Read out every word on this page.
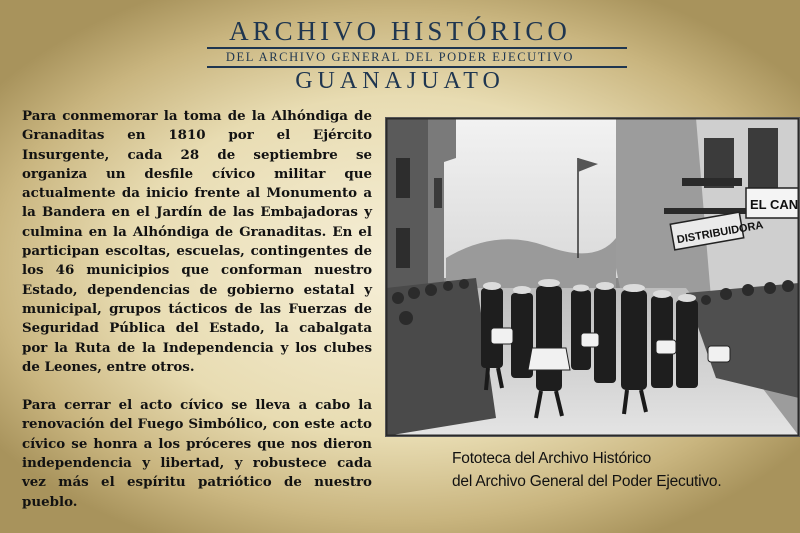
ARCHIVO HISTÓRICO
DEL ARCHIVO GENERAL DEL PODER EJECUTIVO
GUANAJUATO

Para conmemorar la toma de la Alhóndiga de Granaditas en 1810 por el Ejército Insurgente, cada 28 de septiembre se organiza un desfile cívico militar que actualmente da inicio frente al Monumento a la Bandera en el Jardín de las Embajadoras y culmina en la Alhóndiga de Granaditas. En el participan escoltas, escuelas, contingentes de los 46 municipios que conforman nuestro Estado, dependencias de gobierno estatal y municipal, grupos tácticos de las Fuerzas de Seguridad Pública del Estado, la cabalgata por la Ruta de la Independencia y los clubes de Leones, entre otros.

Para cerrar el acto cívico se lleva a cabo la renovación del Fuego Simbólico, con este acto cívico se honra a los próceres que nos dieron independencia y libertad, y robustece cada vez más el espíritu patriótico de nuestro pueblo.

DISTRIBUIDORA
EL CAN
Fototeca del Archivo Histórico
del Archivo General del Poder Ejecutivo.
